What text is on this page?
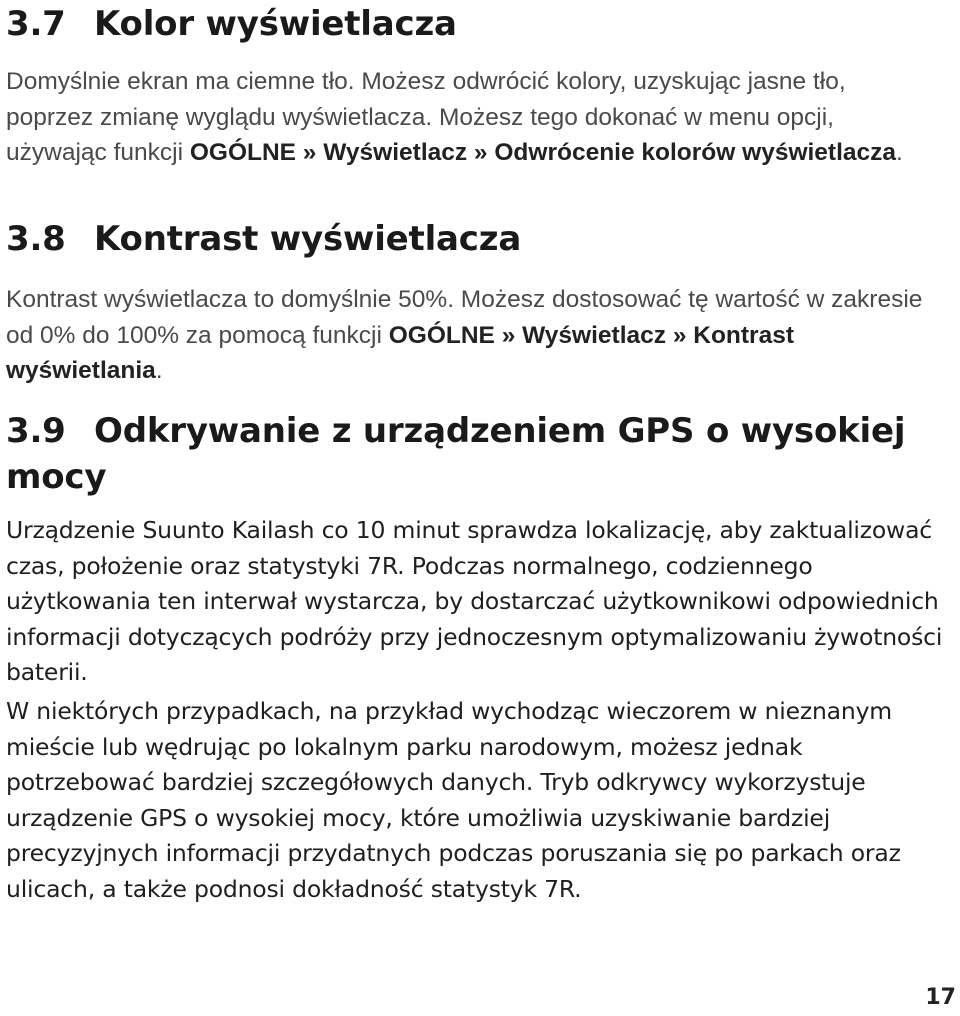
3.7 Kolor wyświetlacza

Domyślnie ekran ma ciemne tło. Możesz odwrócić kolory, uzyskując jasne tło, poprzez zmianę wyglądu wyświetlacza. Możesz tego dokonać w menu opcji, używając funkcji OGÓLNE » Wyświetlacz » Odwrócenie kolorów wyświetlacza.

3.8 Kontrast wyświetlacza

Kontrast wyświetlacza to domyślnie 50%. Możesz dostosować tę wartość w zakresie od 0% do 100% za pomocą funkcji OGÓLNE » Wyświetlacz » Kontrast wyświetlania.

3.9 Odkrywanie z urządzeniem GPS o wysokiej mocy

Urządzenie Suunto Kailash co 10 minut sprawdza lokalizację, aby zaktualizować czas, położenie oraz statystyki 7R. Podczas normalnego, codziennego użytkowania ten interwał wystarcza, by dostarczać użytkownikowi odpowiednich informacji dotyczących podróży przy jednoczesnym optymalizowaniu żywotności baterii.

W niektórych przypadkach, na przykład wychodząc wieczorem w nieznanym mieście lub wędrując po lokalnym parku narodowym, możesz jednak potrzebować bardziej szczegółowych danych. Tryb odkrywcy wykorzystuje urządzenie GPS o wysokiej mocy, które umożliwia uzyskiwanie bardziej precyzyjnych informacji przydatnych podczas poruszania się po parkach oraz ulicach, a także podnosi dokładność statystyk 7R.

17
